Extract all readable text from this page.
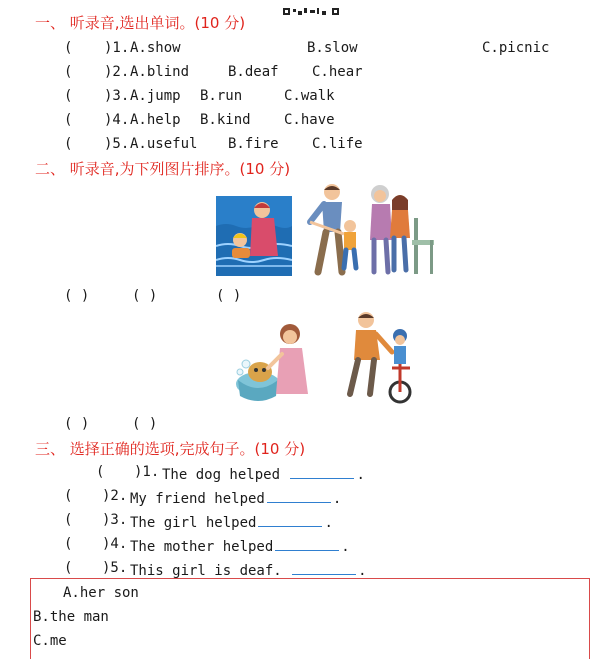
一、 听录音,选出单词。(10 分)
( )1. A.show	B.slow	C.picnic
( )2. A.blind	B.deaf C.hear
( )3. A.jump B.run	C.walk
( )4. A.help B.kind C.have
( )5. A.useful B.fire C.life
二、 听录音,为下列图片排序。(10 分)
( )	( )	( )
( )	( )
三、 选择正确的选项,完成句子。(10 分)
( )1. The dog helped	.
( )2. My friend helped	.
( )3. The girl helped	.
( )4. The mother helped	.
( )5. This girl is deaf.	.
A.her son
B.the man
C.me
